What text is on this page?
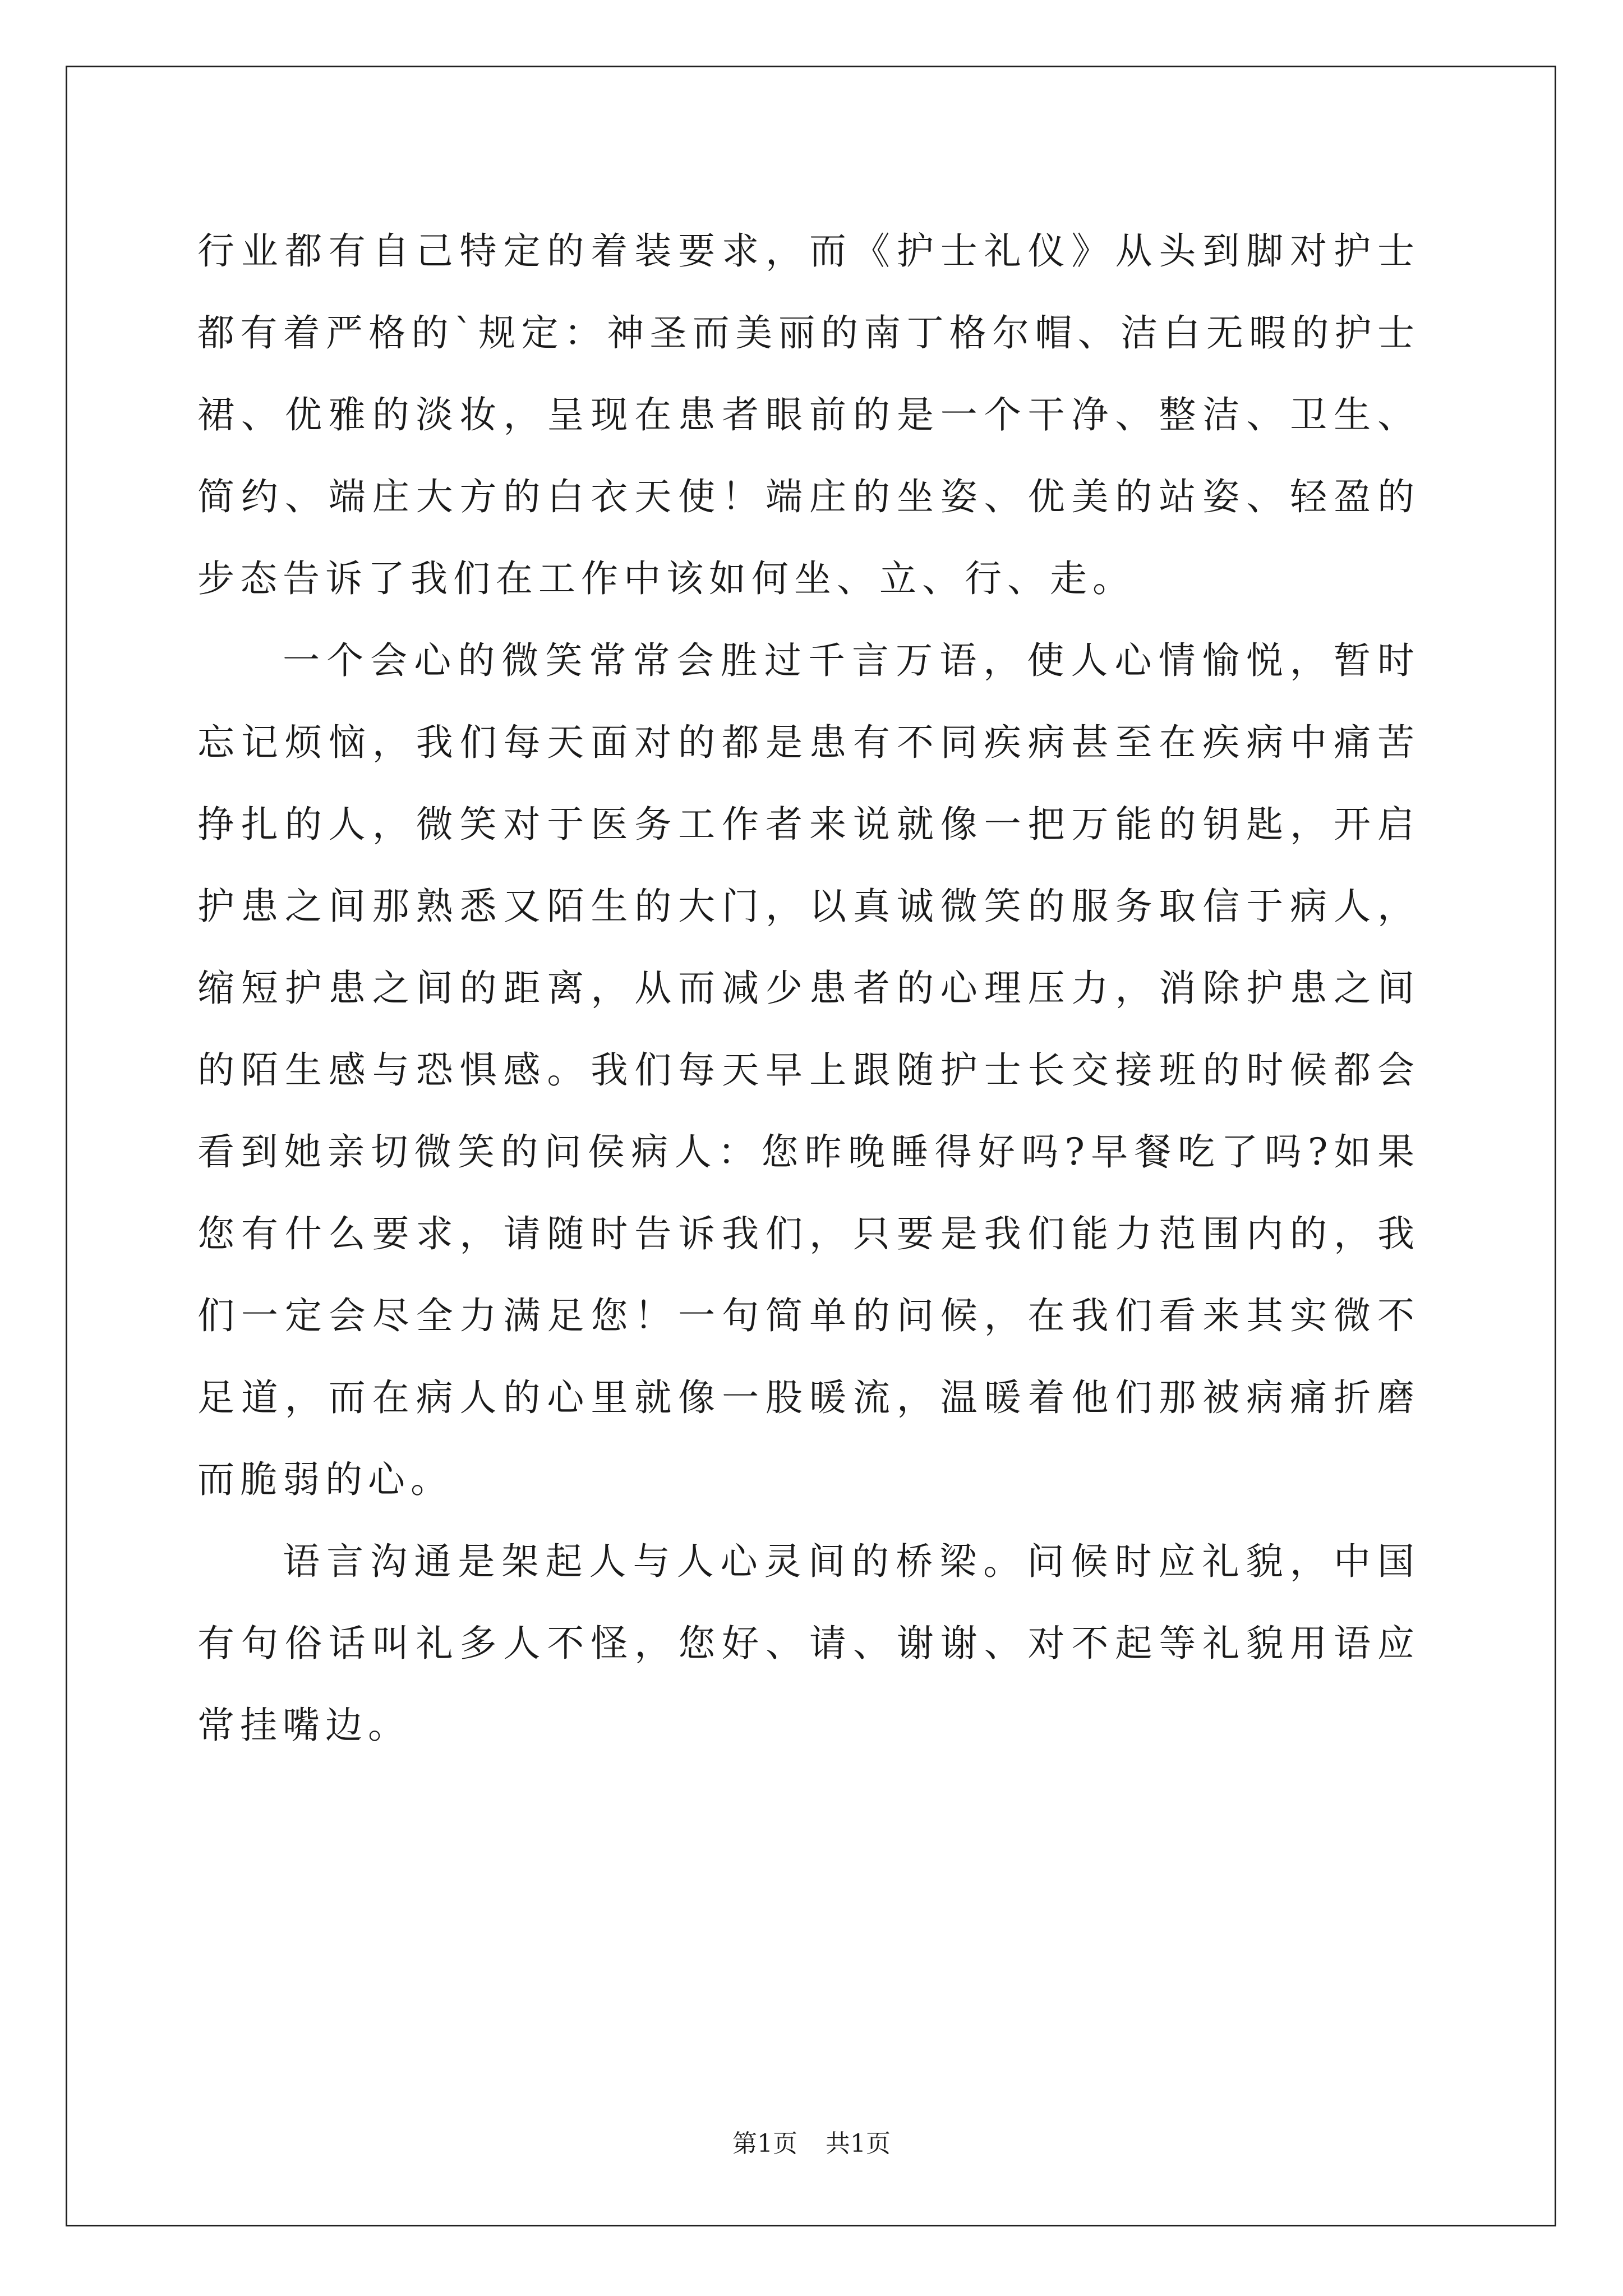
行业都有自己特定的着装要求，而《护士礼仪》从头到脚对护士都有着严格的`规定：神圣而美丽的南丁格尔帽、洁白无暇的护士裙、优雅的淡妆，呈现在患者眼前的是一个干净、整洁、卫生、简约、端庄大方的白衣天使！端庄的坐姿、优美的站姿、轻盈的步态告诉了我们在工作中该如何坐、立、行、走。

一个会心的微笑常常会胜过千言万语，使人心情愉悦，暂时忘记烦恼，我们每天面对的都是患有不同疾病甚至在疾病中痛苦挣扎的人，微笑对于医务工作者来说就像一把万能的钥匙，开启护患之间那熟悉又陌生的大门，以真诚微笑的服务取信于病人，缩短护患之间的距离，从而减少患者的心理压力，消除护患之间的陌生感与恐惧感。我们每天早上跟随护士长交接班的时候都会看到她亲切微笑的问侯病人：您昨晚睡得好吗?早餐吃了吗?如果您有什么要求，请随时告诉我们，只要是我们能力范围内的，我们一定会尽全力满足您！一句简单的问候，在我们看来其实微不足道，而在病人的心里就像一股暖流，温暖着他们那被病痛折磨而脆弱的心。

语言沟通是架起人与人心灵间的桥梁。问候时应礼貌，中国有句俗话叫礼多人不怪，您好、请、谢谢、对不起等礼貌用语应常挂嘴边。

第1页 共1页
